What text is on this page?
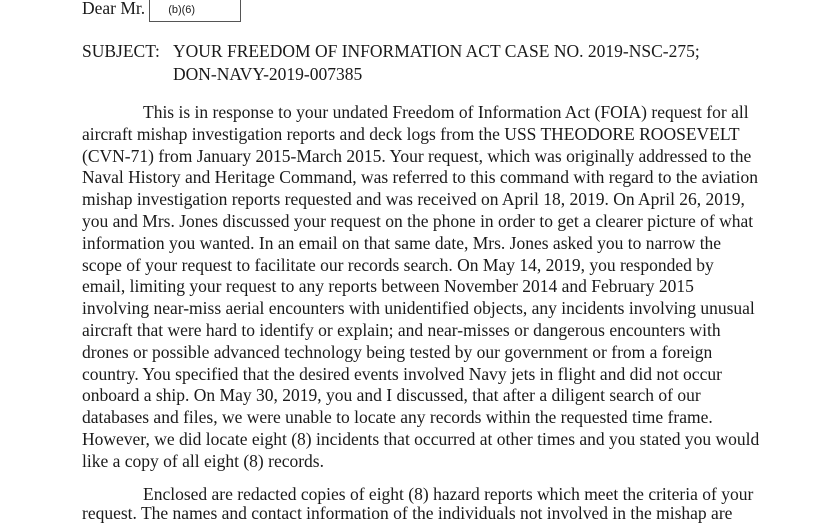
Dear Mr.	(b)(6)
SUBJECT: YOUR FREEDOM OF INFORMATION ACT CASE NO. 2019-NSC-275;
DON-NAVY-2019-007385
This is in response to your undated Freedom of Information Act (FOIA) request for all
aircraft mishap investigation reports and deck logs from the USS THEODORE ROOSEVELT
(CVN-71) from January 2015-March 2015. Your request, which was originally addressed to the
Naval History and Heritage Command, was referred to this command with regard to the aviation
mishap investigation reports requested and was received on April 18, 2019. On April 26, 2019,
you and Mrs. Jones discussed your request on the phone in order to get a clearer picture of what
information you wanted. In an email on that same date, Mrs. Jones asked you to narrow the
scope of your request to facilitate our records search. On May 14, 2019, you responded by
email, limiting your request to any reports between November 2014 and February 2015
involving near-miss aerial encounters with unidentified objects, any incidents involving unusual
aircraft that were hard to identify or explain; and near-misses or dangerous encounters with
drones or possible advanced technology being tested by our government or from a foreign
country. You specified that the desired events involved Navy jets in flight and did not occur
onboard a ship. On May 30, 2019, you and I discussed, that after a diligent search of our
databases and files, we were unable to locate any records within the requested time frame.
However, we did locate eight (8) incidents that occurred at other times and you stated you would
like a copy of all eight (8) records.
Enclosed are redacted copies of eight (8) hazard reports which meet the criteria of your
request. The names and contact information of the individuals not involved in the mishap are
